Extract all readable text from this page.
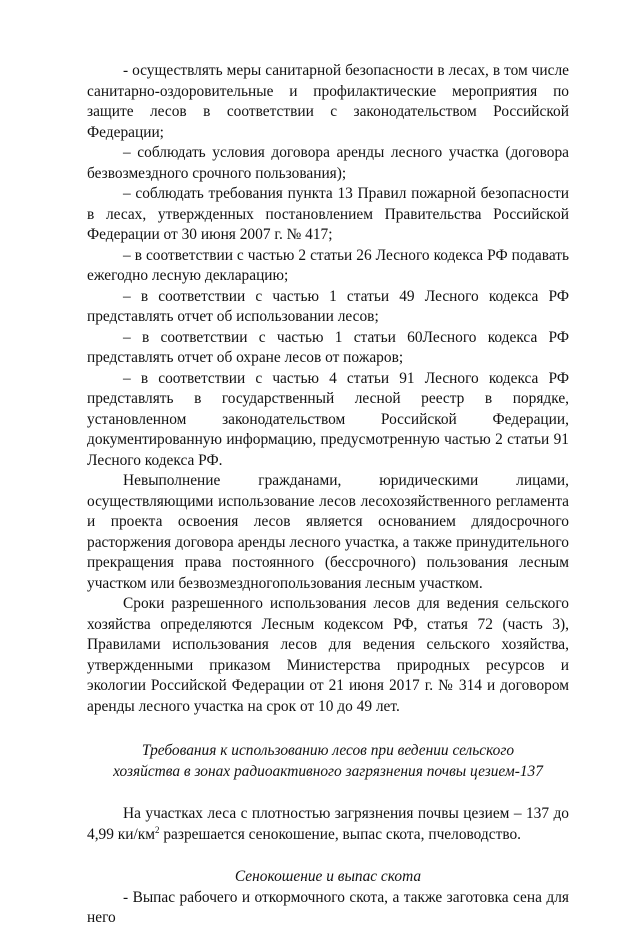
- осуществлять меры санитарной безопасности в лесах, в том числе санитарно-оздоровительные и профилактические мероприятия по защите лесов в соответствии с законодательством Российской Федерации;

– соблюдать условия договора аренды лесного участка (договора безвозмездного срочного пользования);

– соблюдать требования пункта 13 Правил пожарной безопасности в лесах, утвержденных постановлением Правительства Российской Федерации от 30 июня 2007 г. № 417;

– в соответствии с частью 2 статьи 26 Лесного кодекса РФ подавать ежегодно лесную декларацию;

– в соответствии с частью 1 статьи 49 Лесного кодекса РФ представлять отчет об использовании лесов;

– в соответствии с частью 1 статьи 60Лесного кодекса РФ представлять отчет об охране лесов от пожаров;

– в соответствии с частью 4 статьи 91 Лесного кодекса РФ представлять в государственный лесной реестр в порядке, установленном законодательством Российской Федерации, документированную информацию, предусмотренную частью 2 статьи 91 Лесного кодекса РФ.

Невыполнение гражданами, юридическими лицами, осуществляющими использование лесов лесохозяйственного регламента и проекта освоения лесов является основанием длядосрочного расторжения договора аренды лесного участка, а также принудительного прекращения права постоянного (бессрочного) пользования лесным участком или безвозмездногопользования лесным участком.

Сроки разрешенного использования лесов для ведения сельского хозяйства определяются Лесным кодексом РФ, статья 72 (часть 3), Правилами использования лесов для ведения сельского хозяйства, утвержденными приказом Министерства природных ресурсов и экологии Российской Федерации от 21 июня 2017 г. № 314 и договором аренды лесного участка на срок от 10 до 49 лет.

Требования к использованию лесов при ведении сельского хозяйства в зонах радиоактивного загрязнения почвы цезием-137

На участках леса с плотностью загрязнения почвы цезием – 137 до 4,99 $ки/км^2$ разрешается сенокошение, выпас скота, пчеловодство.

Сенокошение и выпас скота

- Выпас рабочего и откормочного скота, а также заготовка сена для него
